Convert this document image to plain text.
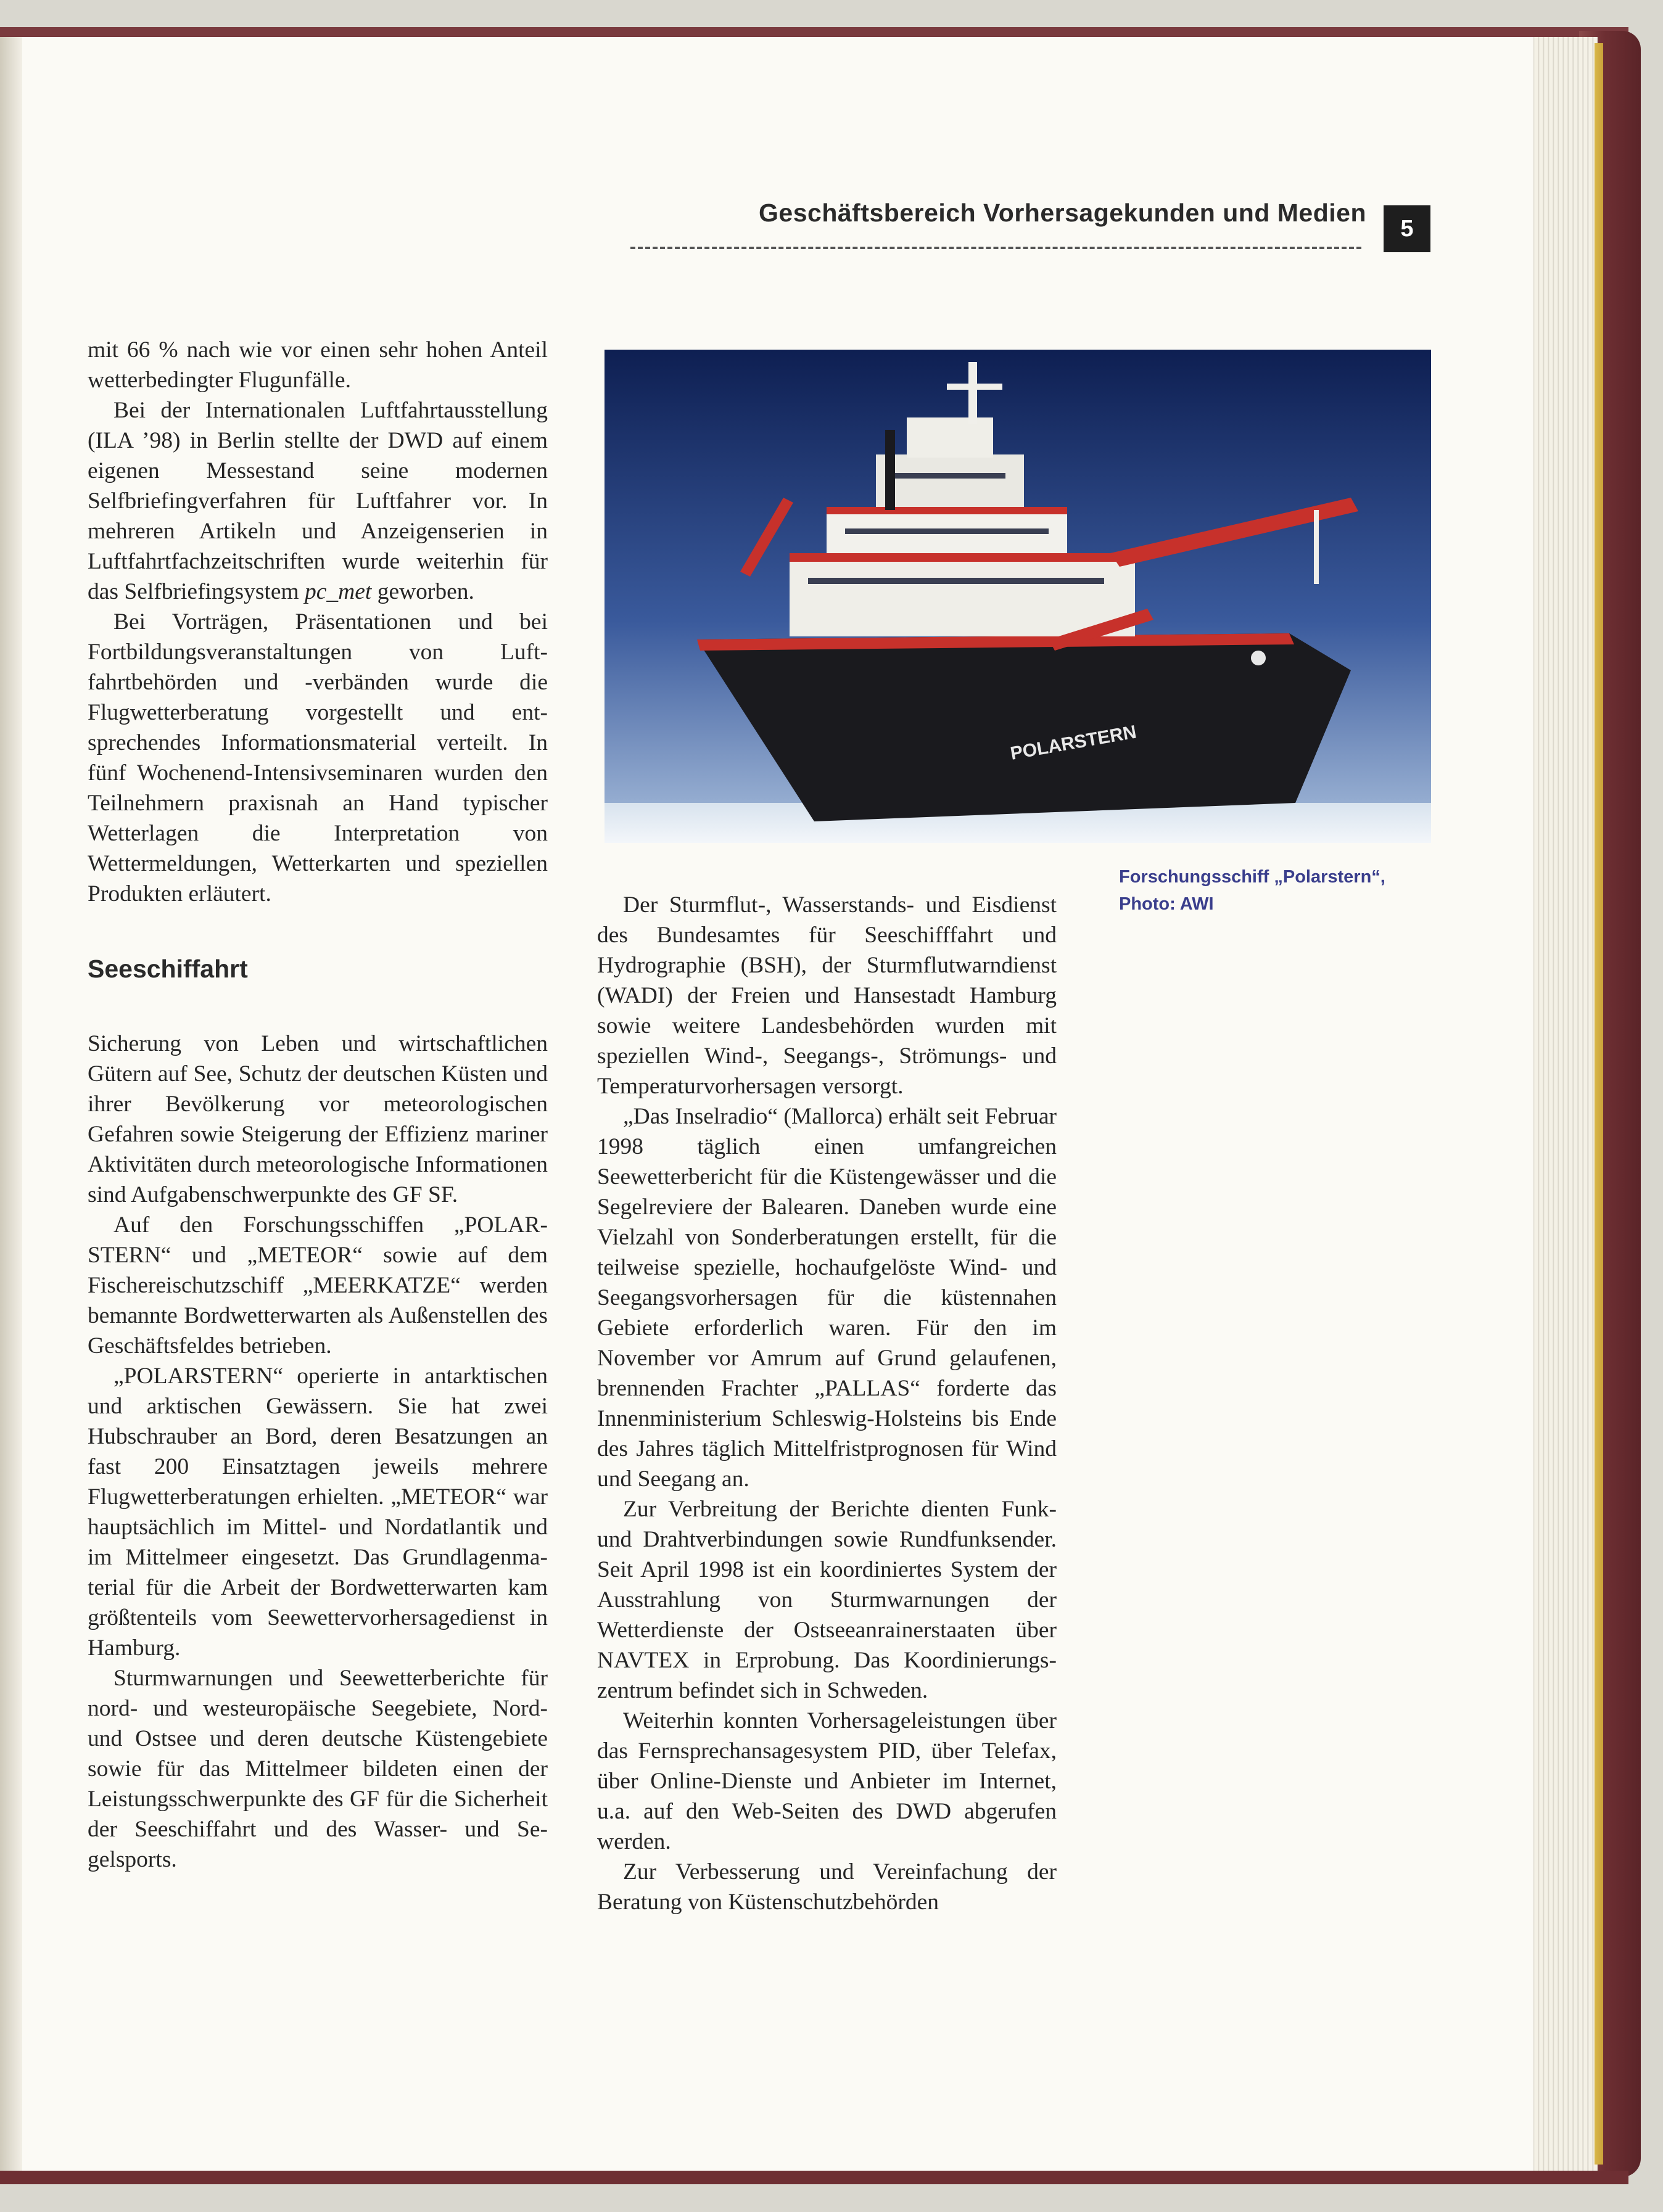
Geschäftsbereich Vorhersagekunden und Medien
5

mit 66 % nach wie vor einen sehr hohen Anteil wetterbedingter Flugunfälle.

Bei der Internationalen Luftfahrtausstellung (ILA ’98) in Berlin stellte der DWD auf einem eigenen Messestand seine modernen Selfbriefingverfahren für Luftfahrer vor. In mehreren Artikeln und Anzeigenserien in Luftfahrtfachzeitschriften wurde weiterhin für das Selfbriefingsystem pc_met geworben.

Bei Vorträgen, Präsentationen und bei Fortbildungsveranstaltungen von Luftfahrtbehörden und -verbänden wurde die Flugwetterberatung vorgestellt und entsprechendes Informationsmaterial verteilt. In fünf Wochenend-Intensivseminaren wurden den Teilnehmern praxisnah an Hand typischer Wetterlagen die Interpretation von Wettermeldungen, Wetterkarten und speziellen Produkten erläutert.

Seeschiffahrt

Sicherung von Leben und wirtschaftlichen Gütern auf See, Schutz der deutschen Küsten und ihrer Bevölkerung vor meteorologischen Gefahren sowie Steigerung der Effizienz mariner Aktivitäten durch meteorologische Informationen sind Aufgabenschwerpunkte des GF SF.

Auf den Forschungsschiffen „POLARSTERN“ und „METEOR“ sowie auf dem Fischereischutzschiff „MEERKATZE“ werden bemannte Bordwetterwarten als Außenstellen des Geschäftsfeldes betrieben.

„POLARSTERN“ operierte in antarktischen und arktischen Gewässern. Sie hat zwei Hubschrauber an Bord, deren Besatzungen an fast 200 Einsatztagen jeweils mehrere Flugwetterberatungen erhielten. „METEOR“ war hauptsächlich im Mittel- und Nordatlantik und im Mittelmeer eingesetzt. Das Grundlagenmaterial für die Arbeit der Bordwetterwarten kam größtenteils vom Seewettervorhersagedienst in Hamburg.

Sturmwarnungen und Seewetterberichte für nord- und westeuropäische Seegebiete, Nord- und Ostsee und deren deutsche Küstengebiete sowie für das Mittelmeer bildeten einen der Leistungsschwerpunkte des GF für die Sicherheit der Seeschiffahrt und des Wasser- und Segelsports.

POLARSTERN
Forschungsschiff „Polarstern“,
Photo: AWI

Der Sturmflut-, Wasserstands- und Eisdienst des Bundesamtes für Seeschifffahrt und Hydrographie (BSH), der Sturmflutwarndienst (WADI) der Freien und Hansestadt Hamburg sowie weitere Landesbehörden wurden mit speziellen Wind-, Seegangs-, Strömungs- und Temperaturvorhersagen versorgt.

„Das Inselradio“ (Mallorca) erhält seit Februar 1998 täglich einen umfangreichen Seewetterbericht für die Küstengewässer und die Segelreviere der Balearen. Daneben wurde eine Vielzahl von Sonderberatungen erstellt, für die teilweise spezielle, hochaufgelöste Wind- und Seegangsvorhersagen für die küstennahen Gebiete erforderlich waren. Für den im November vor Amrum auf Grund gelaufenen, brennenden Frachter „PALLAS“ forderte das Innenministerium Schleswig-Holsteins bis Ende des Jahres täglich Mittelfristprognosen für Wind und Seegang an.

Zur Verbreitung der Berichte dienten Funk- und Drahtverbindungen sowie Rundfunksender. Seit April 1998 ist ein koordiniertes System der Ausstrahlung von Sturmwarnungen der Wetterdienste der Ostseeanrainerstaaten über NAVTEX in Erprobung. Das Koordinierungszentrum befindet sich in Schweden.

Weiterhin konnten Vorhersageleistungen über das Fernsprechansagesystem PID, über Telefax, über Online-Dienste und Anbieter im Internet, u.a. auf den Web-Seiten des DWD abgerufen werden.

Zur Verbesserung und Vereinfachung der Beratung von Küstenschutzbehörden
